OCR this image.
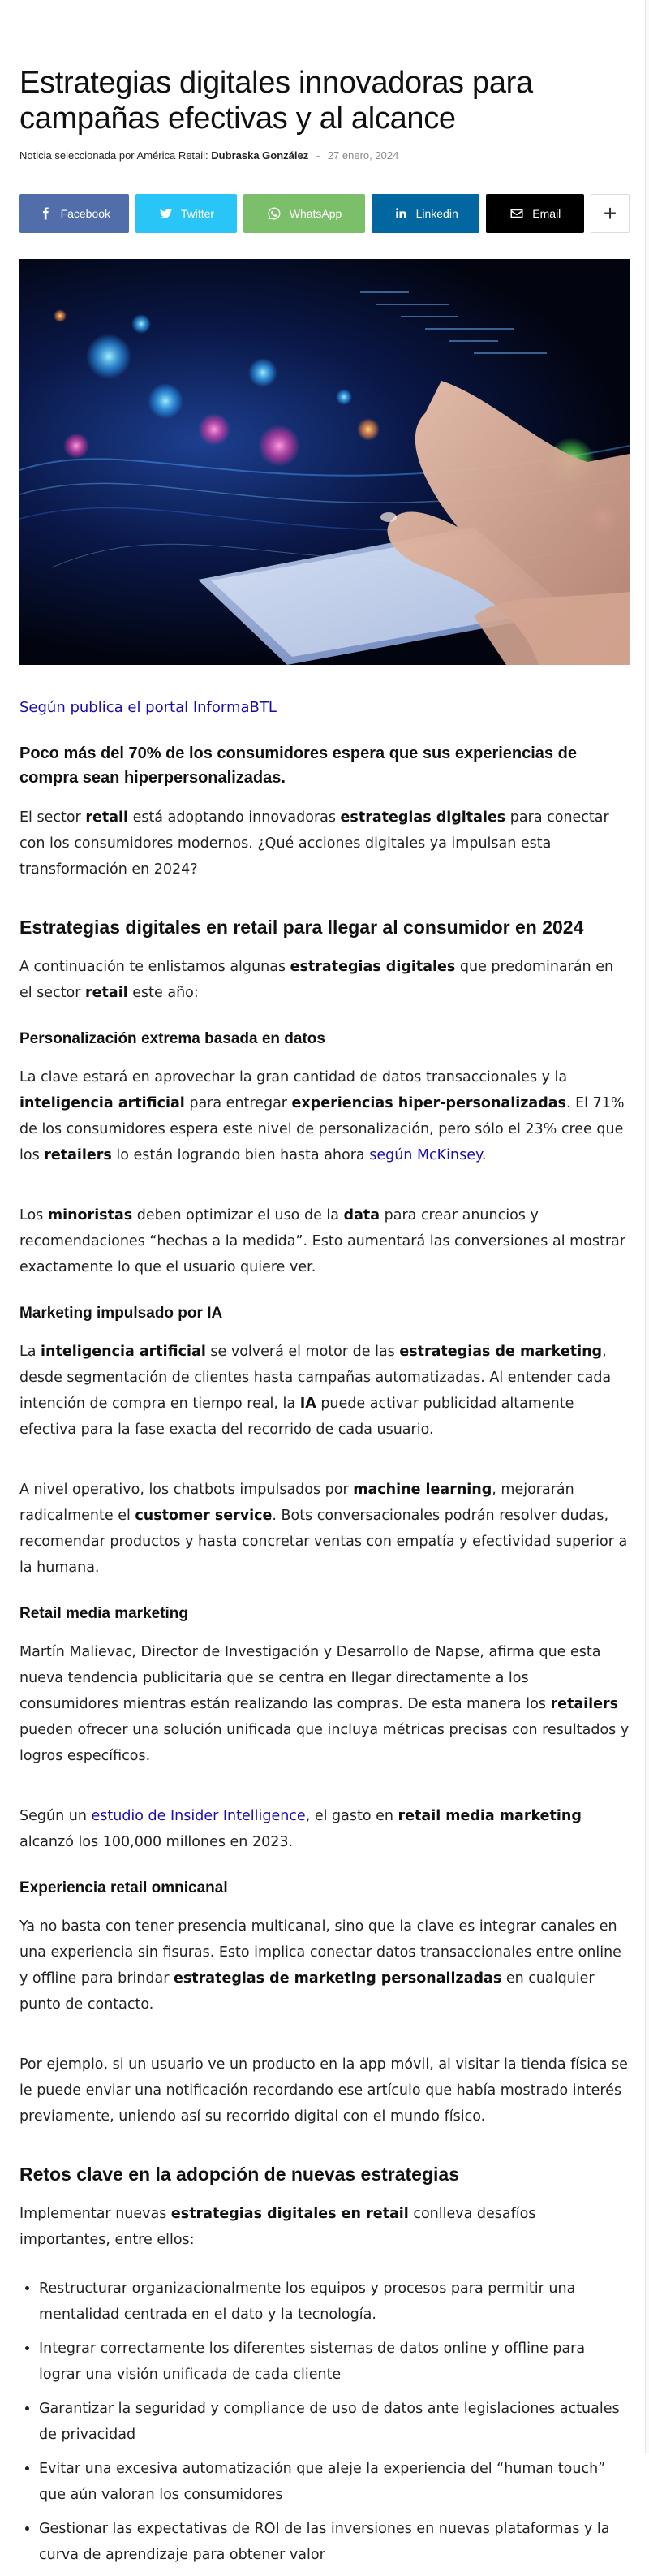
Estrategias digitales innovadoras para campañas efectivas y al alcance
Noticia seleccionada por América Retail: Dubraska González - 27 enero, 2024
Facebook	Twitter	WhatsApp	Linkedin	Email +
Según publica el portal InformaBTL
Poco más del 70% de los consumidores espera que sus experiencias de compra sean hiperpersonalizadas.

El sector retail está adoptando innovadoras estrategias digitales para conectar con los consumidores modernos. ¿Qué acciones digitales ya impulsan esta transformación en 2024?

Estrategias digitales en retail para llegar al consumidor en 2024

A continuación te enlistamos algunas estrategias digitales que predominarán en el sector retail este año:

Personalización extrema basada en datos

La clave estará en aprovechar la gran cantidad de datos transaccionales y la inteligencia artificial para entregar experiencias hiper-personalizadas. El 71% de los consumidores espera este nivel de personalización, pero sólo el 23% cree que los retailers lo están logrando bien hasta ahora según McKinsey.

Los minoristas deben optimizar el uso de la data para crear anuncios y recomendaciones “hechas a la medida”. Esto aumentará las conversiones al mostrar exactamente lo que el usuario quiere ver.

Marketing impulsado por IA

La inteligencia artificial se volverá el motor de las estrategias de marketing, desde segmentación de clientes hasta campañas automatizadas. Al entender cada intención de compra en tiempo real, la IA puede activar publicidad altamente efectiva para la fase exacta del recorrido de cada usuario.

A nivel operativo, los chatbots impulsados por machine learning, mejorarán radicalmente el customer service. Bots conversacionales podrán resolver dudas, recomendar productos y hasta concretar ventas con empatía y efectividad superior a la humana.

Retail media marketing

Martín Malievac, Director de Investigación y Desarrollo de Napse, afirma que esta nueva tendencia publicitaria que se centra en llegar directamente a los consumidores mientras están realizando las compras. De esta manera los retailers pueden ofrecer una solución unificada que incluya métricas precisas con resultados y logros específicos.

Según un estudio de Insider Intelligence, el gasto en retail media marketing alcanzó los 100,000 millones en 2023.

Experiencia retail omnicanal

Ya no basta con tener presencia multicanal, sino que la clave es integrar canales en una experiencia sin fisuras. Esto implica conectar datos transaccionales entre online y offline para brindar estrategias de marketing personalizadas en cualquier punto de contacto.

Por ejemplo, si un usuario ve un producto en la app móvil, al visitar la tienda física se le puede enviar una notificación recordando ese artículo que había mostrado interés previamente, uniendo así su recorrido digital con el mundo físico.

Retos clave en la adopción de nuevas estrategias

Implementar nuevas estrategias digitales en retail conlleva desafíos importantes, entre ellos:

• Restructurar organizacionalmente los equipos y procesos para permitir una mentalidad centrada en el dato y la tecnología.
• Integrar correctamente los diferentes sistemas de datos online y offline para lograr una visión unificada de cada cliente
• Garantizar la seguridad y compliance de uso de datos ante legislaciones actuales de privacidad
• Evitar una excesiva automatización que aleje la experiencia del “human touch” que aún valoran los consumidores
• Gestionar las expectativas de ROI de las inversiones en nuevas plataformas y la curva de aprendizaje para obtener valor
